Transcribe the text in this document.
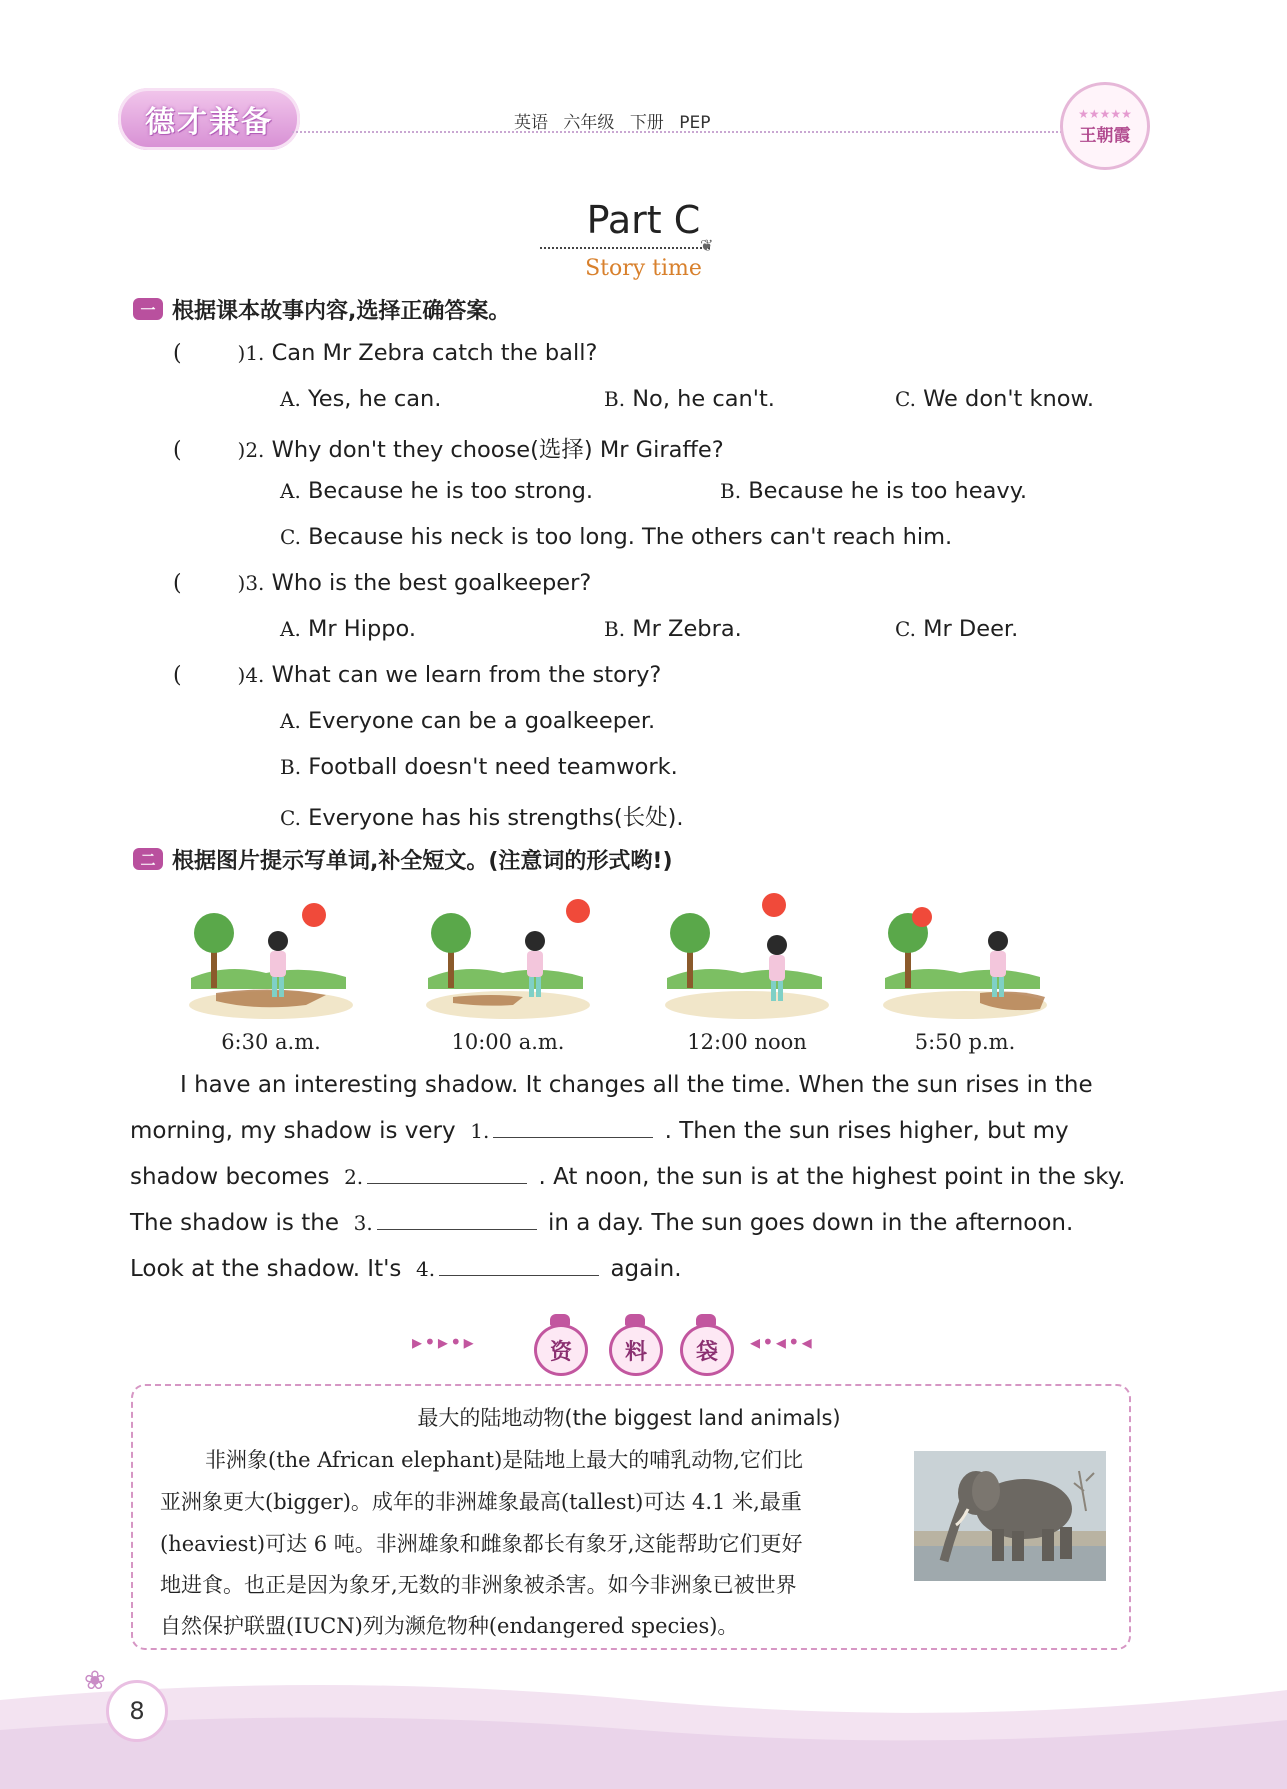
德才兼备	英语 六年级 下册 PEP	★★★★★
王朝霞
Part C
❦
Story time
一 根据课本故事内容,选择正确答案。
(        )1. Can Mr Zebra catch the ball?
A. Yes, he can.	B. No, he can't.	C. We don't know.
(        )2. Why don't they choose(选择) Mr Giraffe?
A. Because he is too strong.	B. Because he is too heavy.
C. Because his neck is too long. The others can't reach him.
(        )3. Who is the best goalkeeper?
A. Mr Hippo.	B. Mr Zebra.	C. Mr Deer.
(        )4. What can we learn from the story?
A. Everyone can be a goalkeeper.
B. Football doesn't need teamwork.
C. Everyone has his strengths(长处).
二 根据图片提示写单词,补全短文。(注意词的形式哟!)
6:30 a.m.	10:00 a.m.	12:00 noon	5:50 p.m.
I have an interesting shadow. It changes all the time. When the sun rises in the
morning, my shadow is very 1.	. Then the sun rises higher, but my
shadow becomes 2.	. At noon, the sun is at the highest point in the sky.
The shadow is the 3.	in a day. The sun goes down in the afternoon.
Look at the shadow. It's 4.	again.
▸•▸•▸	资	料	袋	◂•◂•◂
最大的陆地动物(the biggest land animals)
非洲象(the African elephant)是陆地上最大的哺乳动物,它们比
亚洲象更大(bigger)。成年的非洲雄象最高(tallest)可达 4.1 米,最重
(heaviest)可达 6 吨。非洲雄象和雌象都长有象牙,这能帮助它们更好
地进食。也正是因为象牙,无数的非洲象被杀害。如今非洲象已被世界
自然保护联盟(IUCN)列为濒危物种(endangered species)。
8
❀
